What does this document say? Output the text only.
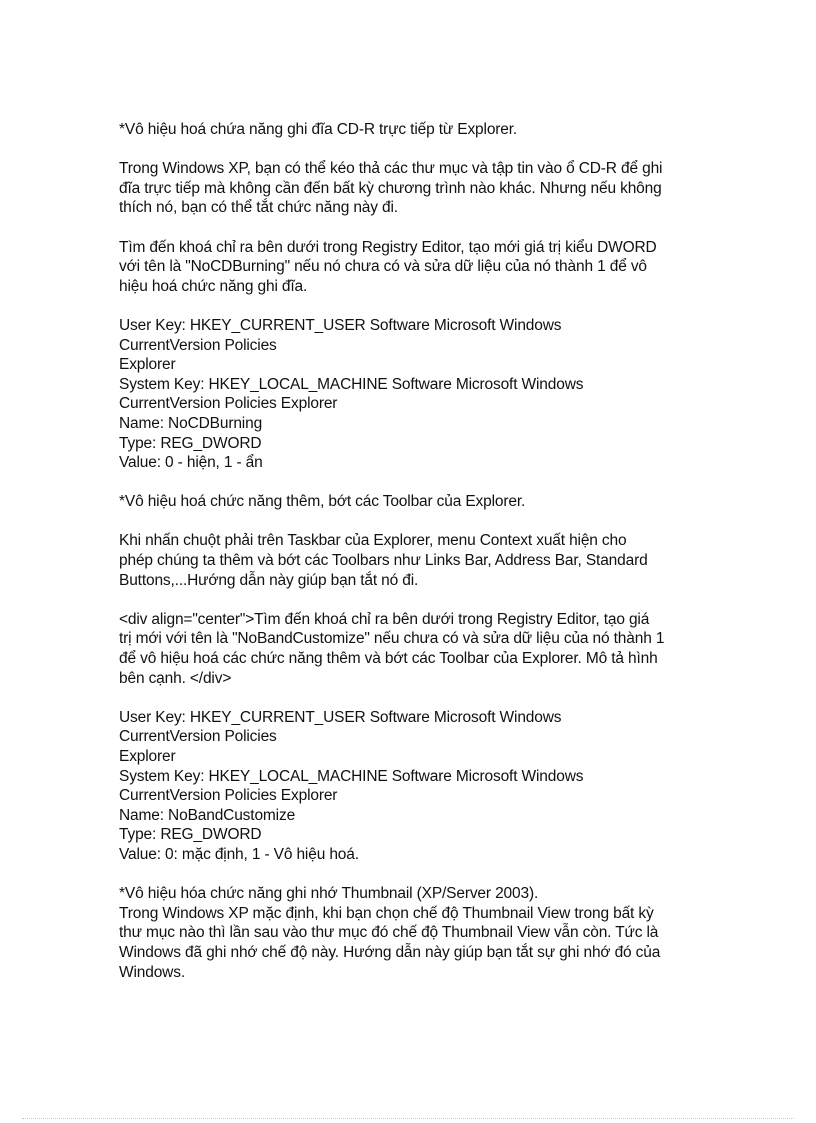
*Vô hiệu hoá chứa năng ghi đĩa CD-R trực tiếp từ Explorer.
Trong Windows XP, bạn có thể kéo thả các thư mục và tập tin vào ổ CD-R để ghi
đĩa trực tiếp mà không cần đến bất kỳ chương trình nào khác. Nhưng nếu không
thích nó, bạn có thể tắt chức năng này đi.
Tìm đến khoá chỉ ra bên dưới trong Registry Editor, tạo mới giá trị kiểu DWORD
với tên là "NoCDBurning" nếu nó chưa có và sửa dữ liệu của nó thành 1 để vô
hiệu hoá chức năng ghi đĩa.
User Key: HKEY_CURRENT_USER Software Microsoft Windows
CurrentVersion Policies
Explorer
System Key: HKEY_LOCAL_MACHINE Software Microsoft Windows
CurrentVersion Policies Explorer
Name: NoCDBurning
Type: REG_DWORD
Value: 0 - hiện, 1 - ẩn
*Vô hiệu hoá chức năng thêm, bớt các Toolbar của Explorer.
Khi nhấn chuột phải trên Taskbar của Explorer, menu Context xuất hiện cho
phép chúng ta thêm và bớt các Toolbars như Links Bar, Address Bar, Standard
Buttons,...Hướng dẫn này giúp bạn tắt nó đi.
<div align="center">Tìm đến khoá chỉ ra bên dưới trong Registry Editor, tạo giá
trị mới với tên là "NoBandCustomize" nếu chưa có và sửa dữ liệu của nó thành 1
để vô hiệu hoá các chức năng thêm và bớt các Toolbar của Explorer. Mô tả hình
bên cạnh. </div>
User Key: HKEY_CURRENT_USER Software Microsoft Windows
CurrentVersion Policies
Explorer
System Key: HKEY_LOCAL_MACHINE Software Microsoft Windows
CurrentVersion Policies Explorer
Name: NoBandCustomize
Type: REG_DWORD
Value: 0: mặc định, 1 - Vô hiệu hoá.
*Vô hiệu hóa chức năng ghi nhớ Thumbnail (XP/Server 2003).
Trong Windows XP mặc định, khi bạn chọn chế độ Thumbnail View trong bất kỳ
thư mục nào thì lần sau vào thư mục đó chế độ Thumbnail View vẫn còn. Tức là
Windows đã ghi nhớ chế độ này. Hướng dẫn này giúp bạn tắt sự ghi nhớ đó của
Windows.
